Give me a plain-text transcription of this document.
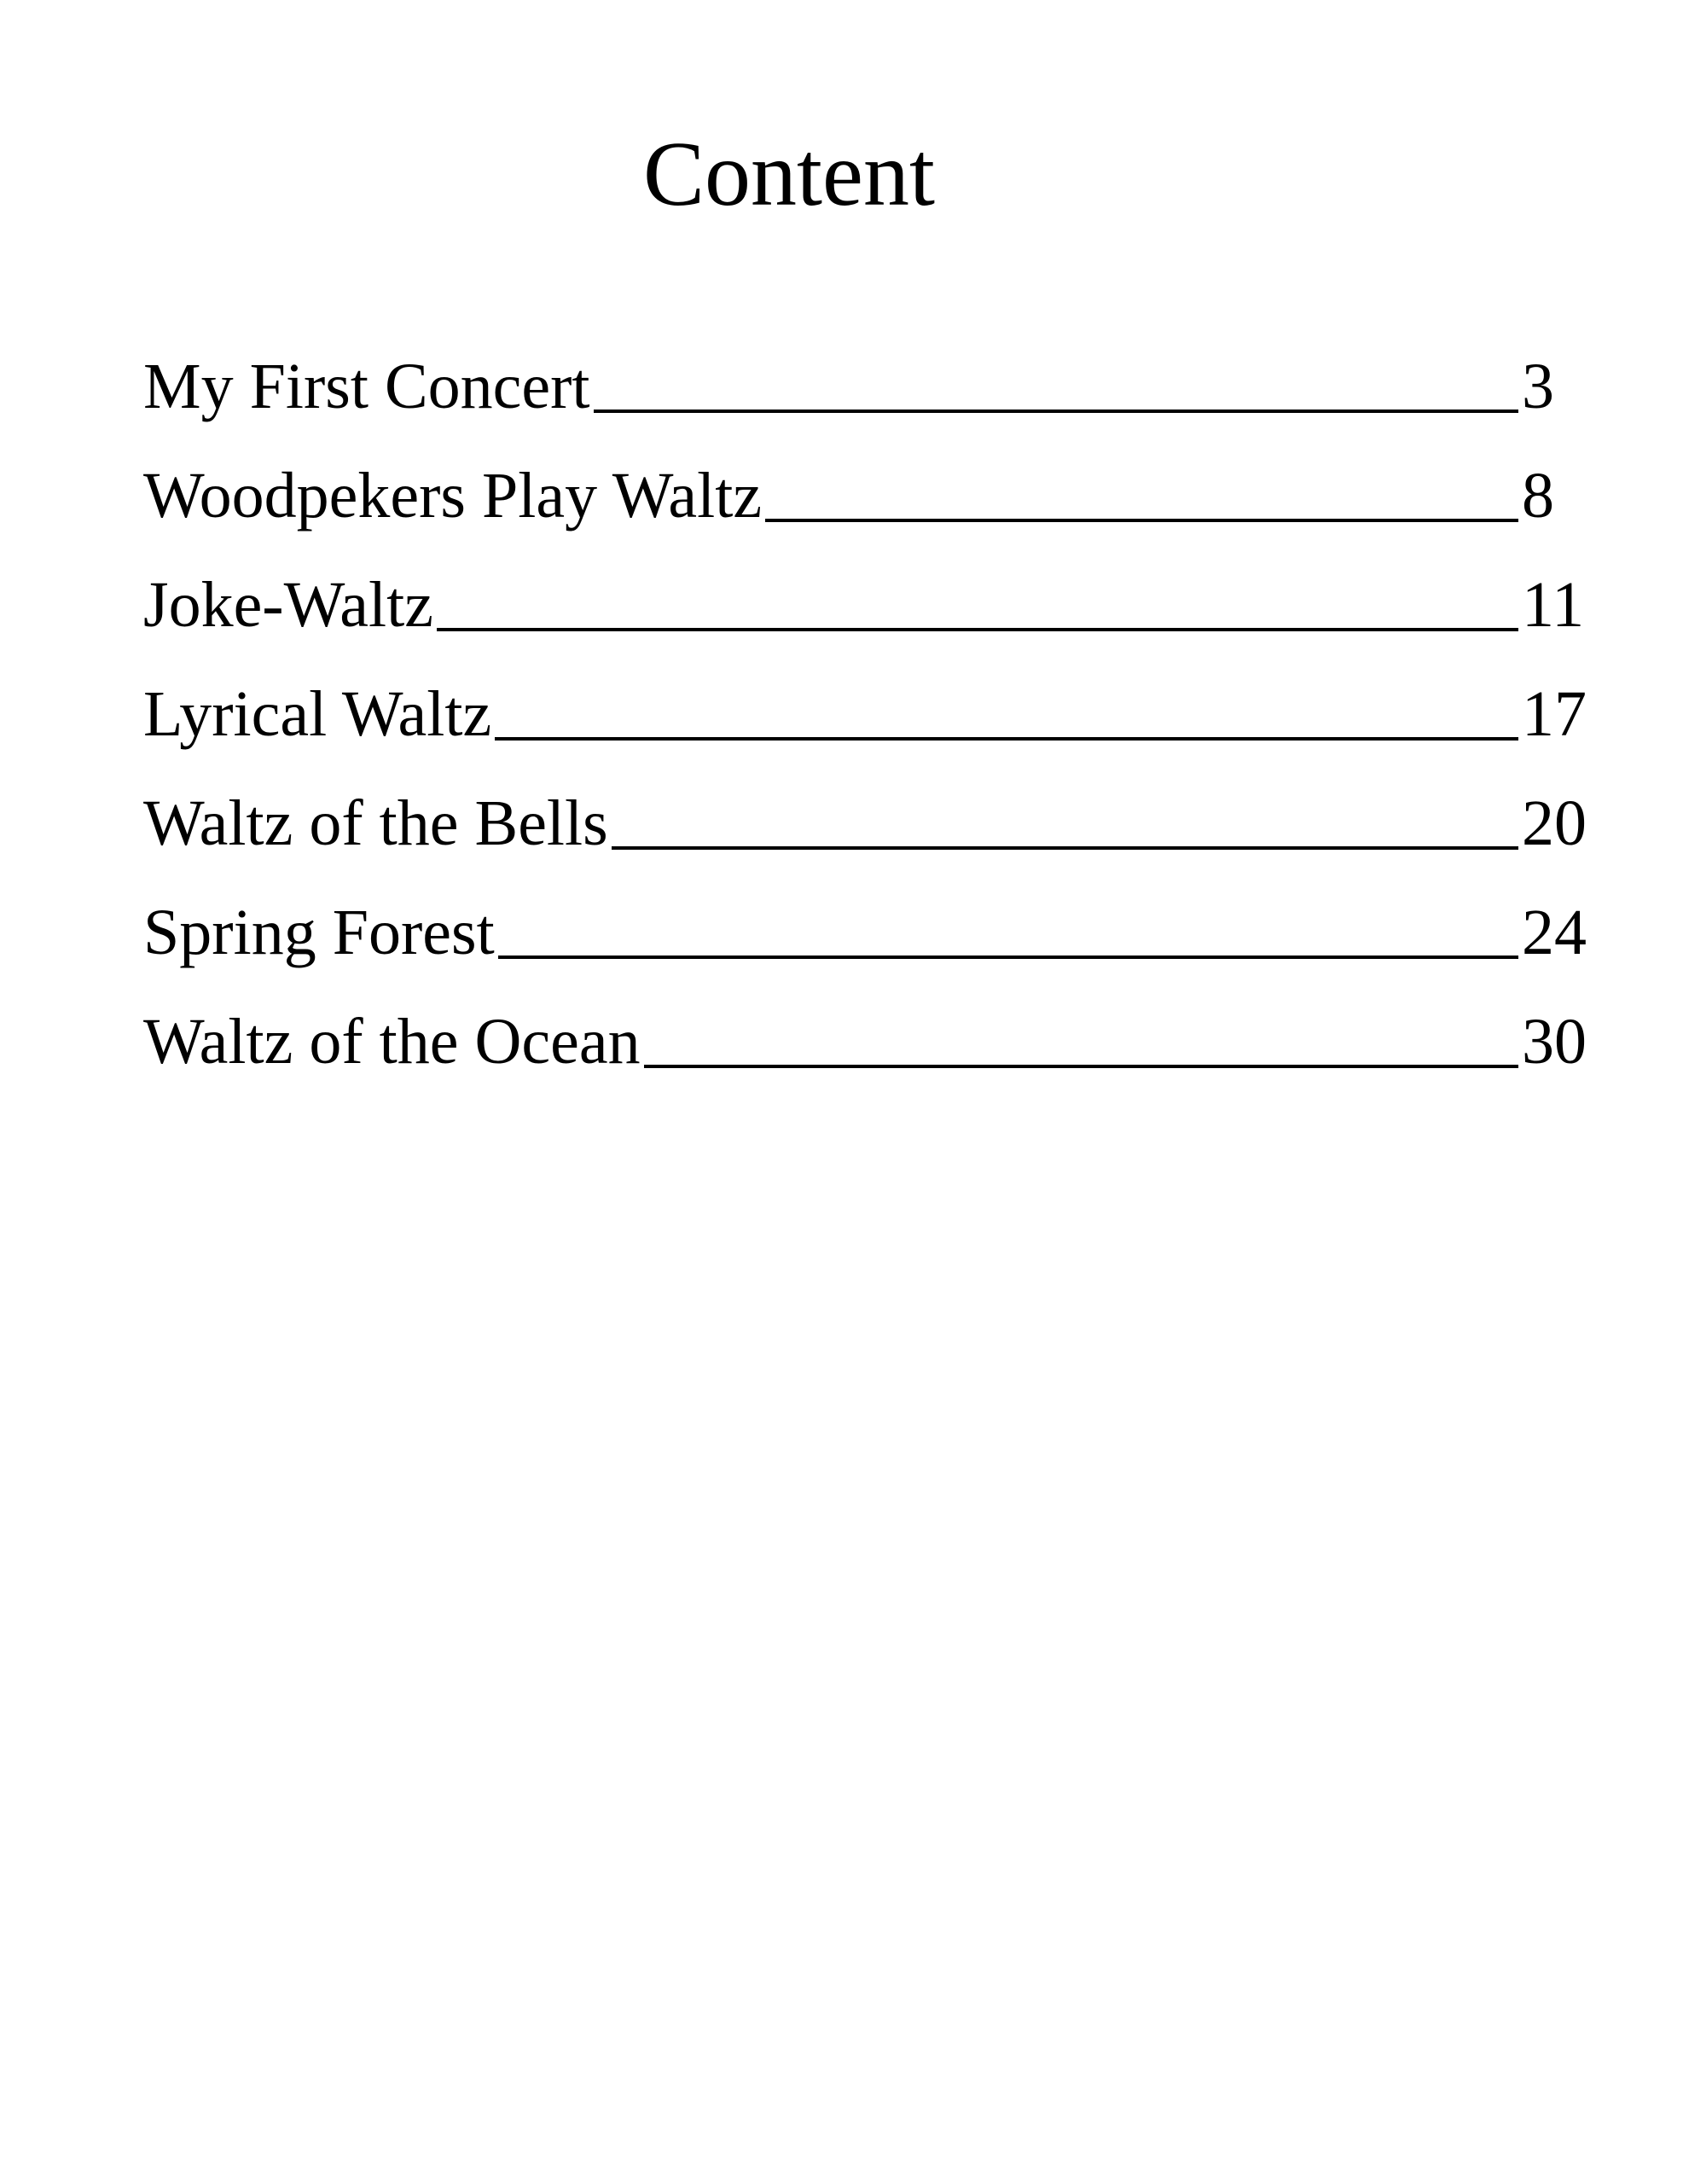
Content
My First Concert	3
Woodpekers Play Waltz	8
Joke-Waltz	11
Lyrical Waltz	17
Waltz of the Bells	20
Spring Forest	24
Waltz of the Ocean	30
